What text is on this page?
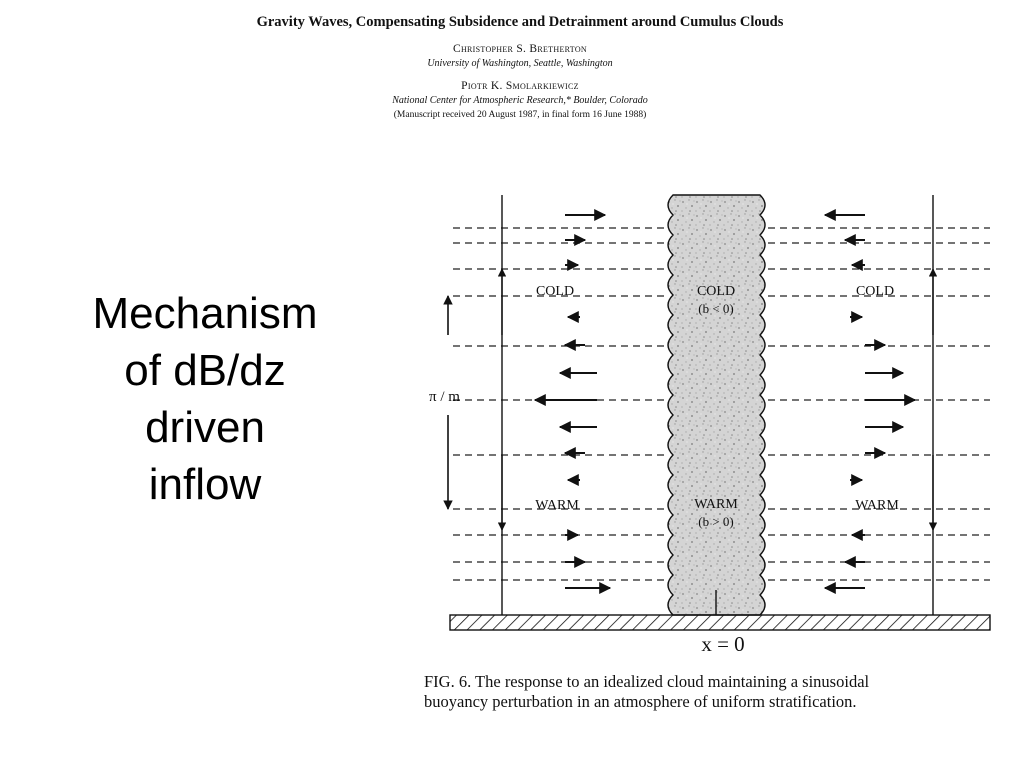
Gravity Waves, Compensating Subsidence and Detrainment around Cumulus Clouds
Christopher S. Bretherton
University of Washington, Seattle, Washington
Piotr K. Smolarkiewicz
National Center for Atmospheric Research,* Boulder, Colorado
(Manuscript received 20 August 1987, in final form 16 June 1988)
Mechanism
of dB/dz
driven
inflow
π / m
COLD	COLD
(b < 0)
COLD
WARM	WARM
(b > 0)
WARM
x = 0
FIG. 6. The response to an idealized cloud maintaining a sinusoidal
buoyancy perturbation in an atmosphere of uniform stratification.
